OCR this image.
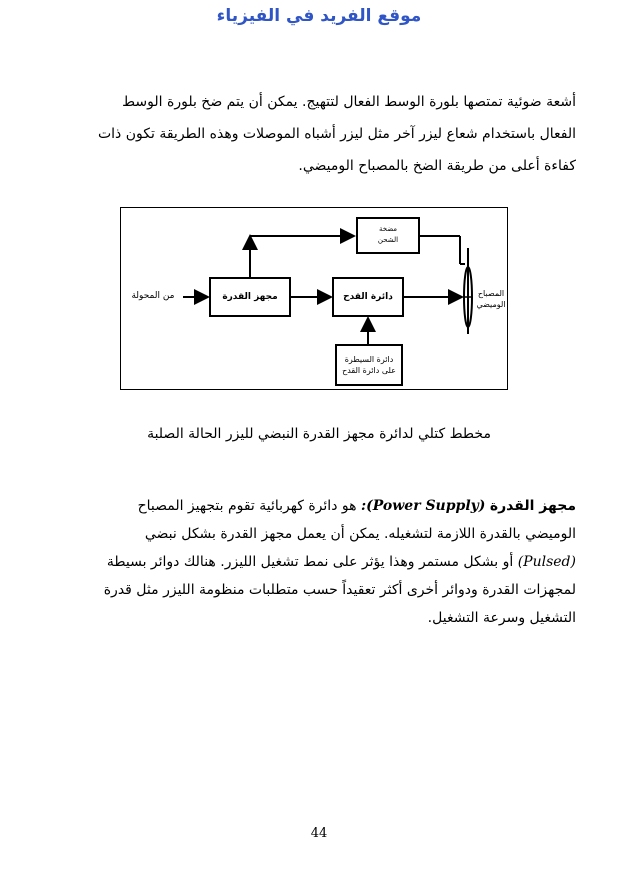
موقع الفريد في الفيزياء
أشعة ضوئية تمتصها بلورة الوسط الفعال لتتهيج. يمكن أن يتم ضخ بلورة الوسط
الفعال باستخدام شعاع ليزر آخر مثل ليزر أشباه الموصلات وهذه الطريقة تكون ذات
كفاءة أعلى من طريقة الضخ بالمصباح الوميضي.
من المحولة	مجهز القدرة	دائرة القدح
مضخة
الشحن
دائرة السيطرة
على دائرة القدح
المصباح
الوميضي
مخطط كتلي لدائرة مجهز القدرة النبضي لليزر الحالة الصلبة
مجهز القدرة (Power Supply): هو دائرة كهربائية تقوم بتجهيز المصباح
الوميضي بالقدرة اللازمة لتشغيله. يمكن أن يعمل مجهز القدرة بشكل نبضي
(Pulsed) أو بشكل مستمر وهذا يؤثر على نمط تشغيل الليزر. هنالك دوائر بسيطة
لمجهزات القدرة ودوائر أخرى أكثر تعقيداً حسب متطلبات منظومة الليزر مثل قدرة
التشغيل وسرعة التشغيل.
44
